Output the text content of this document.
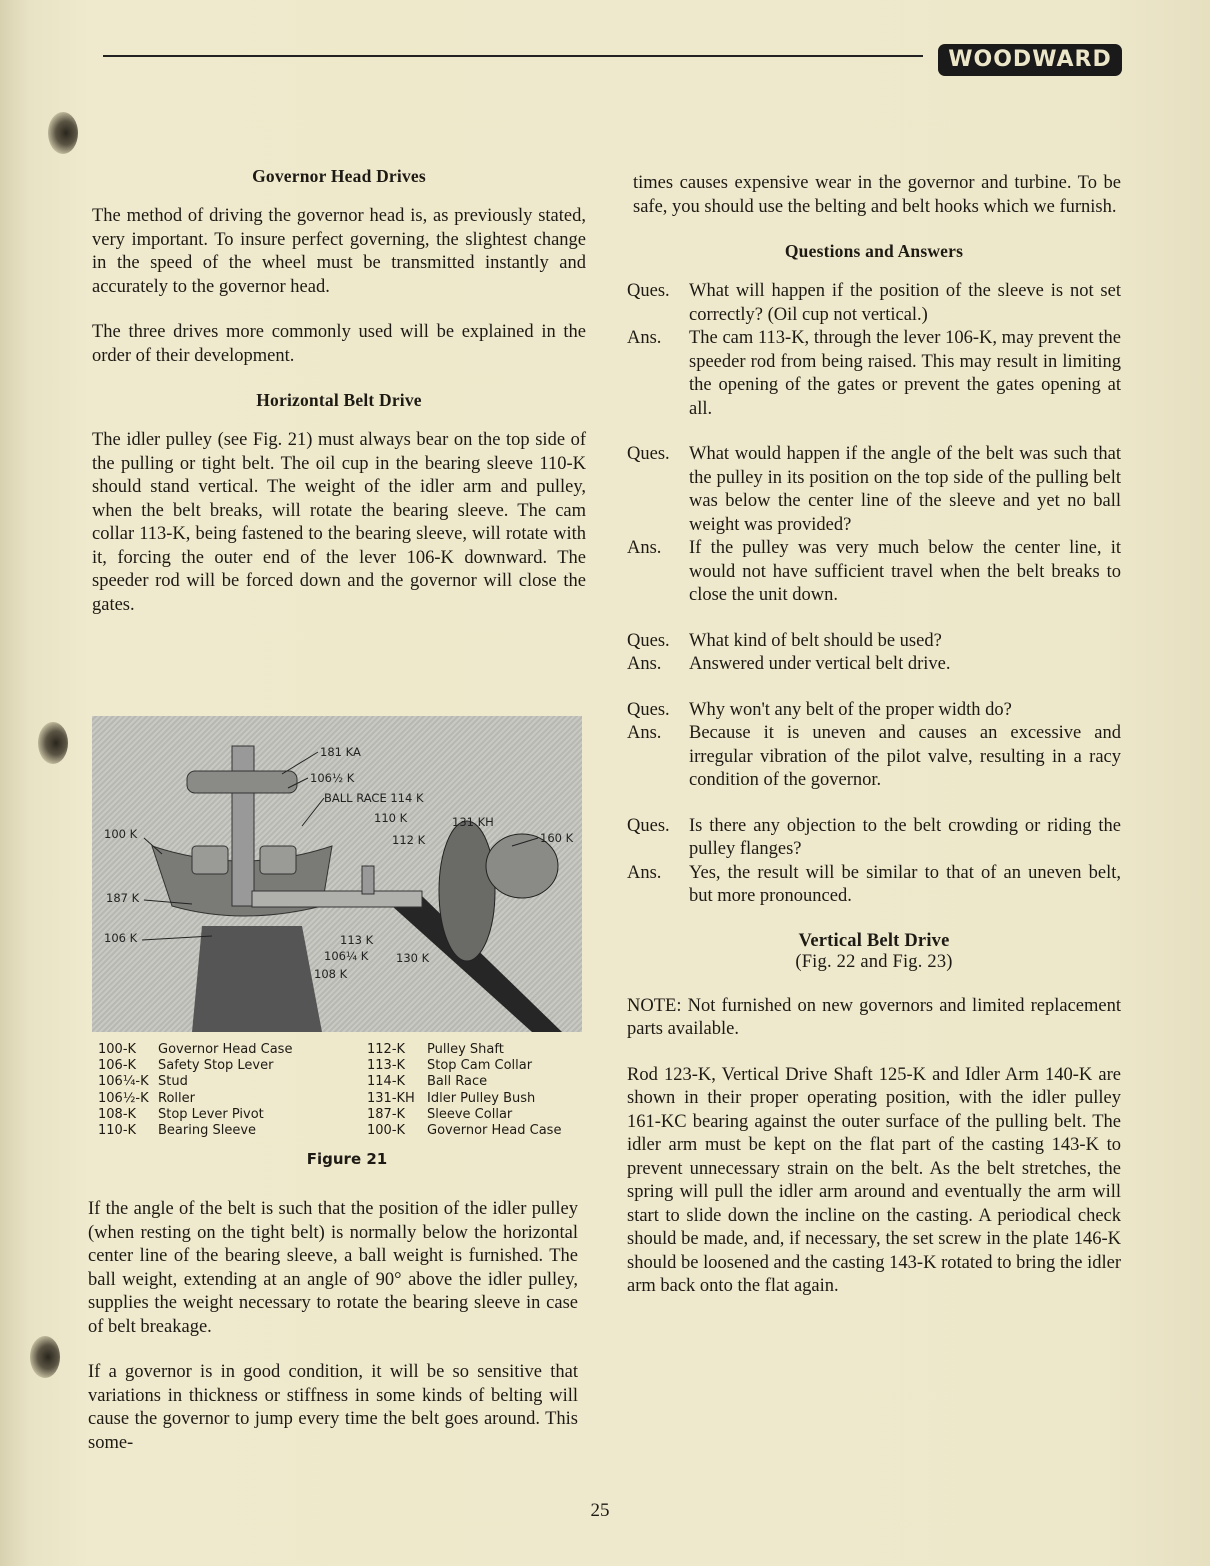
WOODWARD
Governor Head Drives

The method of driving the governor head is, as previously stated, very important. To insure perfect governing, the slightest change in the speed of the wheel must be transmitted instantly and accurately to the governor head.

The three drives more commonly used will be explained in the order of their development.

Horizontal Belt Drive

The idler pulley (see Fig. 21) must always bear on the top side of the pulling or tight belt. The oil cup in the bearing sleeve 110-K should stand vertical. The weight of the idler arm and pulley, when the belt breaks, will rotate the bearing sleeve. The cam collar 113-K, being fastened to the bearing sleeve, will rotate with it, forcing the outer end of the lever 106-K downward. The speeder rod will be forced down and the governor will close the gates.

181 KA
106½ K
BALL RACE 114 K
110 K	131 KH
112 K	160 K
100 K
187 K
106 K	113 K
106¼ K
108 K
130 K
100-K	Governor Head Case
106-K	Safety Stop Lever
106¼-K Stud
106½-K Roller
108-K	Stop Lever Pivot
110-K	Bearing Sleeve
112-K	Pulley Shaft
113-K	Stop Cam Collar
114-K	Ball Race
131-KH Idler Pulley Bush
187-K	Sleeve Collar
100-K	Governor Head Case
Figure 21

If the angle of the belt is such that the position of the idler pulley (when resting on the tight belt) is normally below the horizontal center line of the bearing sleeve, a ball weight is furnished. The ball weight, extending at an angle of 90° above the idler pulley, supplies the weight necessary to rotate the bearing sleeve in case of belt breakage.

If a governor is in good condition, it will be so sensitive that variations in thickness or stiffness in some kinds of belting will cause the governor to jump every time the belt goes around. This some-

times causes expensive wear in the governor and turbine. To be safe, you should use the belting and belt hooks which we furnish.

Questions and Answers
Ques.	What will happen if the position of the sleeve is not set correctly? (Oil cup not vertical.)
Ans.	The cam 113-K, through the lever 106-K, may prevent the speeder rod from being raised. This may result in limiting the opening of the gates or prevent the gates opening at all.
Ques.	What would happen if the angle of the belt was such that the pulley in its position on the top side of the pulling belt was below the center line of the sleeve and yet no ball weight was provided?
Ans.	If the pulley was very much below the center line, it would not have sufficient travel when the belt breaks to close the unit down.
Ques.	What kind of belt should be used?
Ans.	Answered under vertical belt drive.
Ques.	Why won't any belt of the proper width do?
Ans.	Because it is uneven and causes an excessive and irregular vibration of the pilot valve, resulting in a racy condition of the governor.
Ques.	Is there any objection to the belt crowding or riding the pulley flanges?
Ans.	Yes, the result will be similar to that of an uneven belt, but more pronounced.
Vertical Belt Drive
(Fig. 22 and Fig. 23)

NOTE: Not furnished on new governors and limited replacement parts available.

Rod 123-K, Vertical Drive Shaft 125-K and Idler Arm 140-K are shown in their proper operating position, with the idler pulley 161-KC bearing against the outer surface of the pulling belt. The idler arm must be kept on the flat part of the casting 143-K to prevent unnecessary strain on the belt. As the belt stretches, the spring will pull the idler arm around and eventually the arm will start to slide down the incline on the casting. A periodical check should be made, and, if necessary, the set screw in the plate 146-K should be loosened and the casting 143-K rotated to bring the idler arm back onto the flat again.

25
